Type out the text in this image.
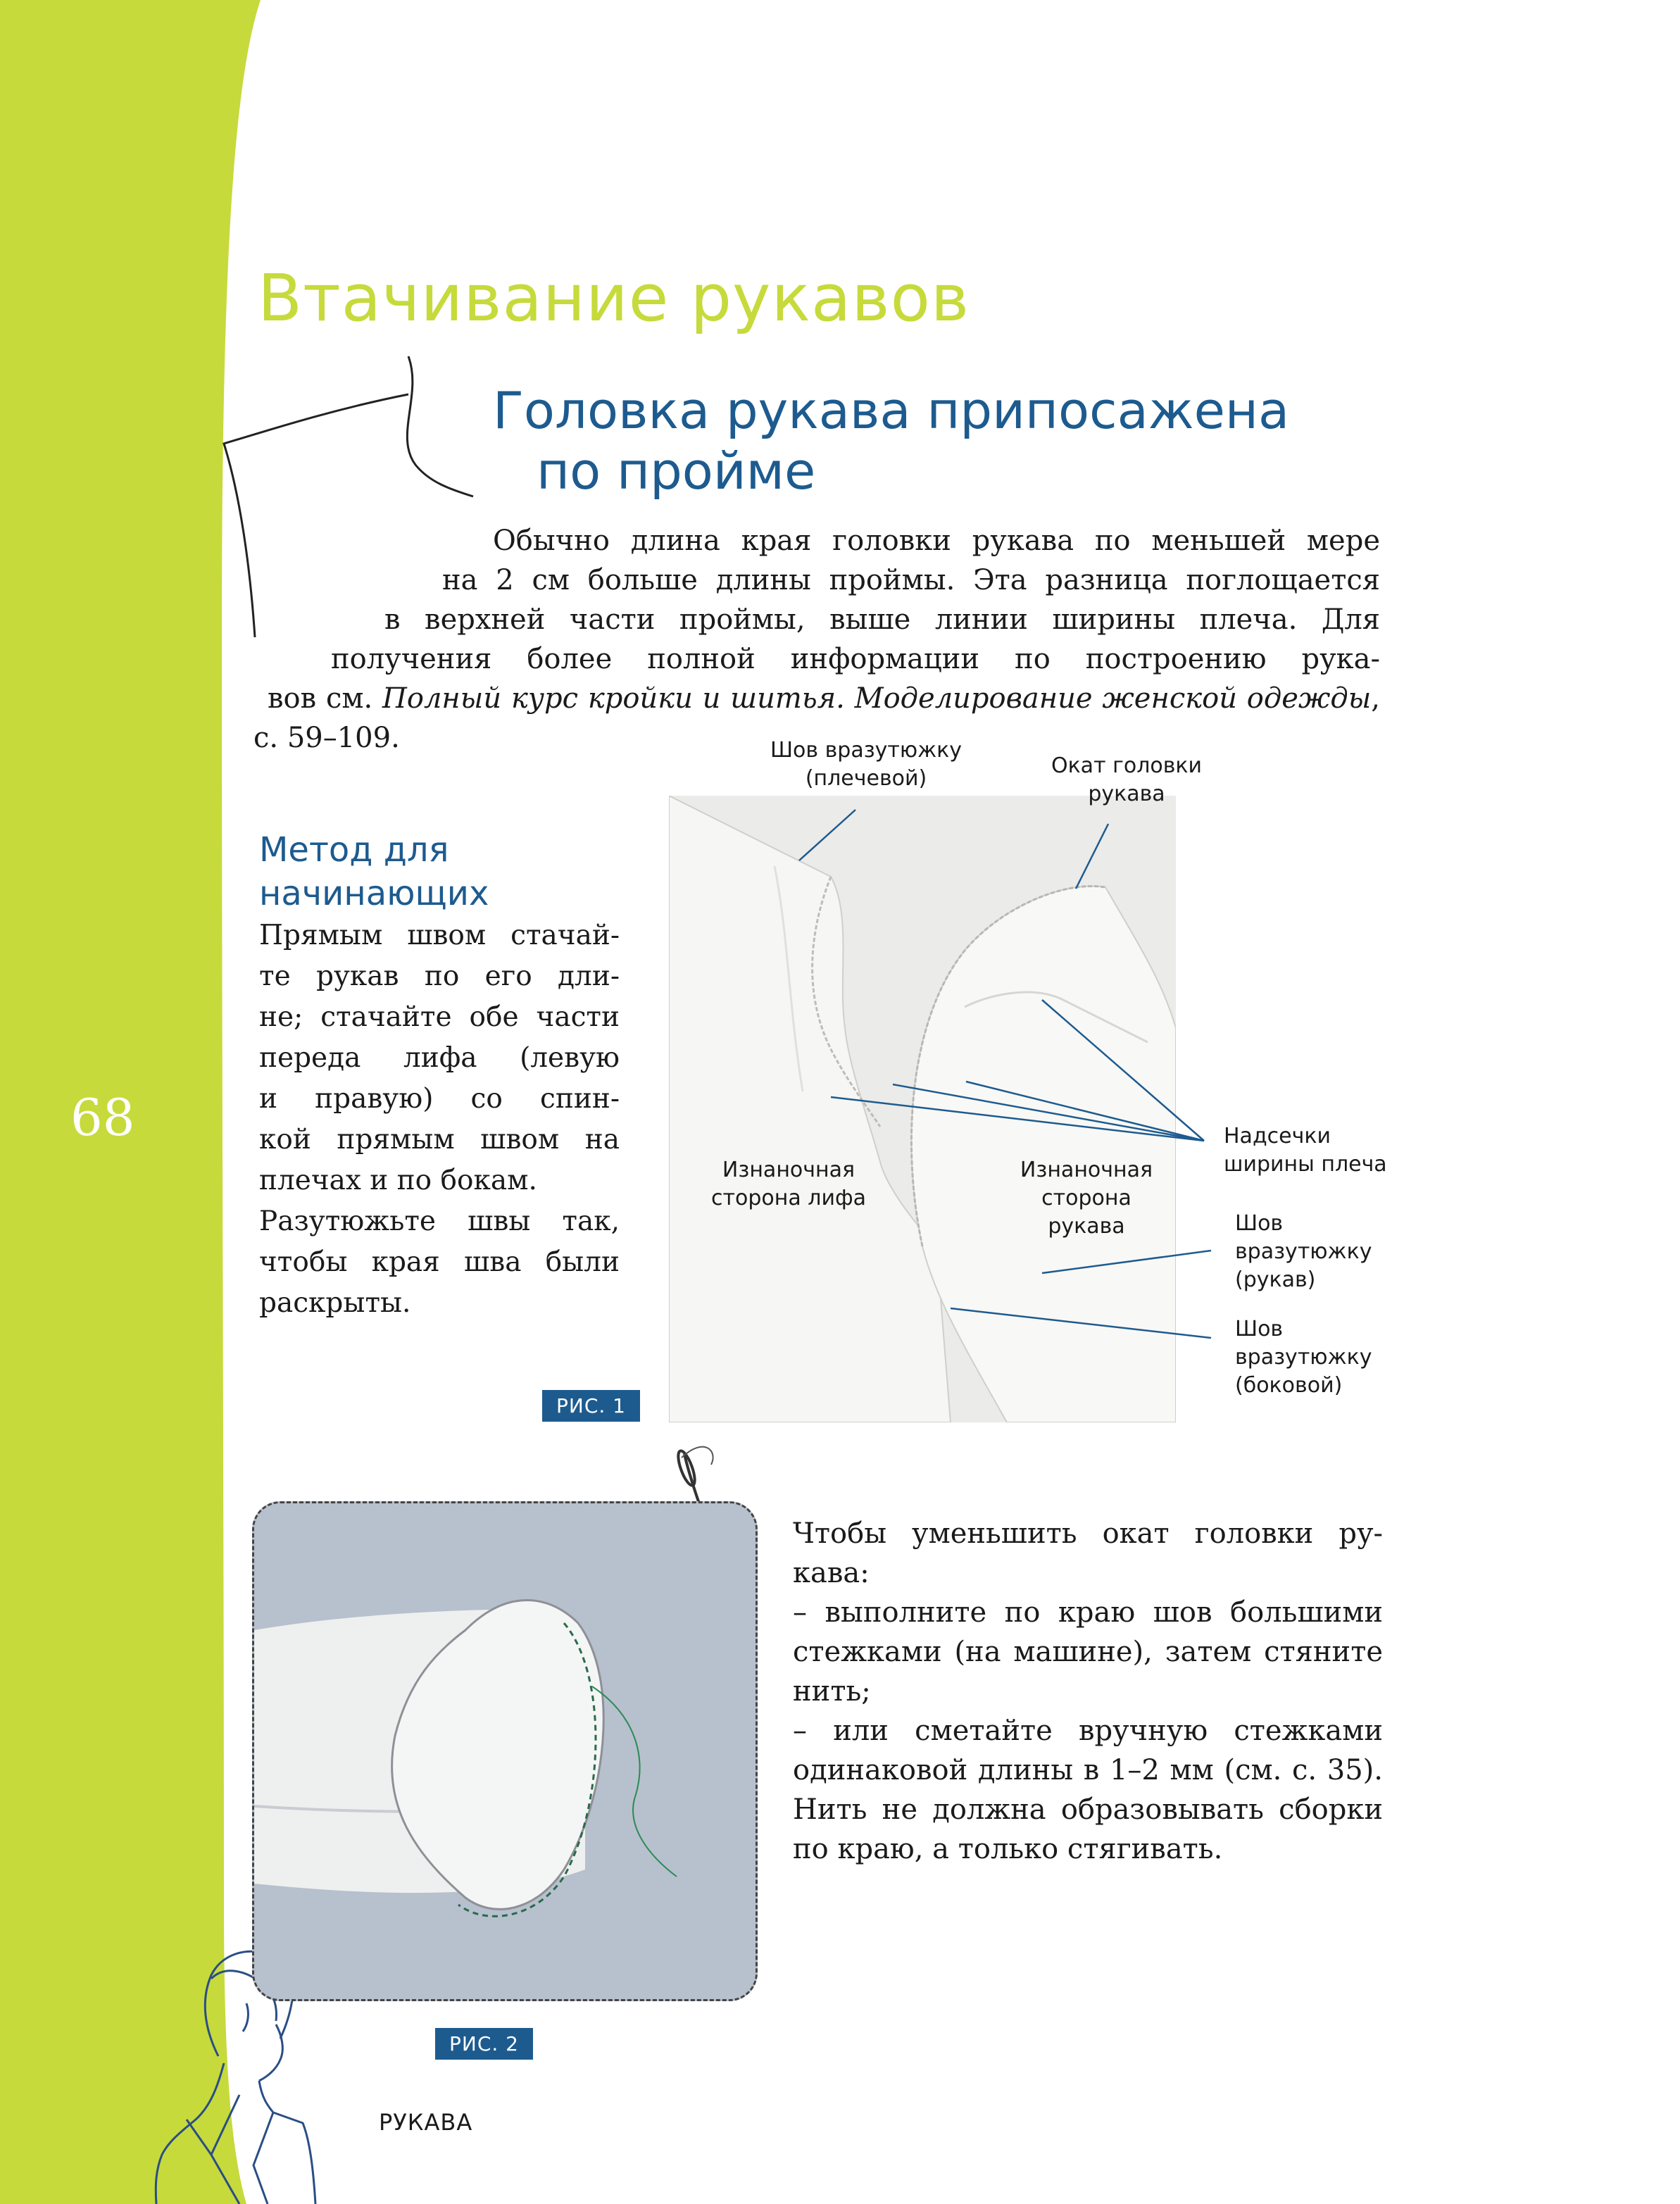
68
Втачивание рукавов
Головка рукава припосажена
по пройме
Обычно длина края головки рукава по меньшей мере
на 2 см больше длины проймы. Эта разница поглощается
в верхней части проймы, выше линии ширины плеча. Для
получения более полной информации по построению рука-
вов см. Полный курс кройки и шитья. Моделирование женской одежды,
с. 59–109.
Метод для
начинающих
Прямым швом стачай-
те рукав по его дли-
не; стачайте обе части
переда лифа (левую
и правую) со спин-
кой прямым швом на
плечах и по бокам.
Разутюжьте швы так,
чтобы края шва были
раскрыты.
Шов вразутюжку
(плечевой)
Окат головки
рукава
Надсечки
ширины плеча
Изнаночная
сторона лифа
Изнаночная
сторона
рукава	Шов
вразутюжку
(рукав)
Шов
вразутюжку
(боковой)
РИС. 1
РИС. 2
Чтобы уменьшить окат головки ру-
кава:
– выполните по краю шов большими
стежками (на машине), затем стяните
нить;
– или сметайте вручную стежками
одинаковой длины в 1–2 мм (см. с. 35).
Нить не должна образовывать сборки
по краю, а только стягивать.
РУКАВА
